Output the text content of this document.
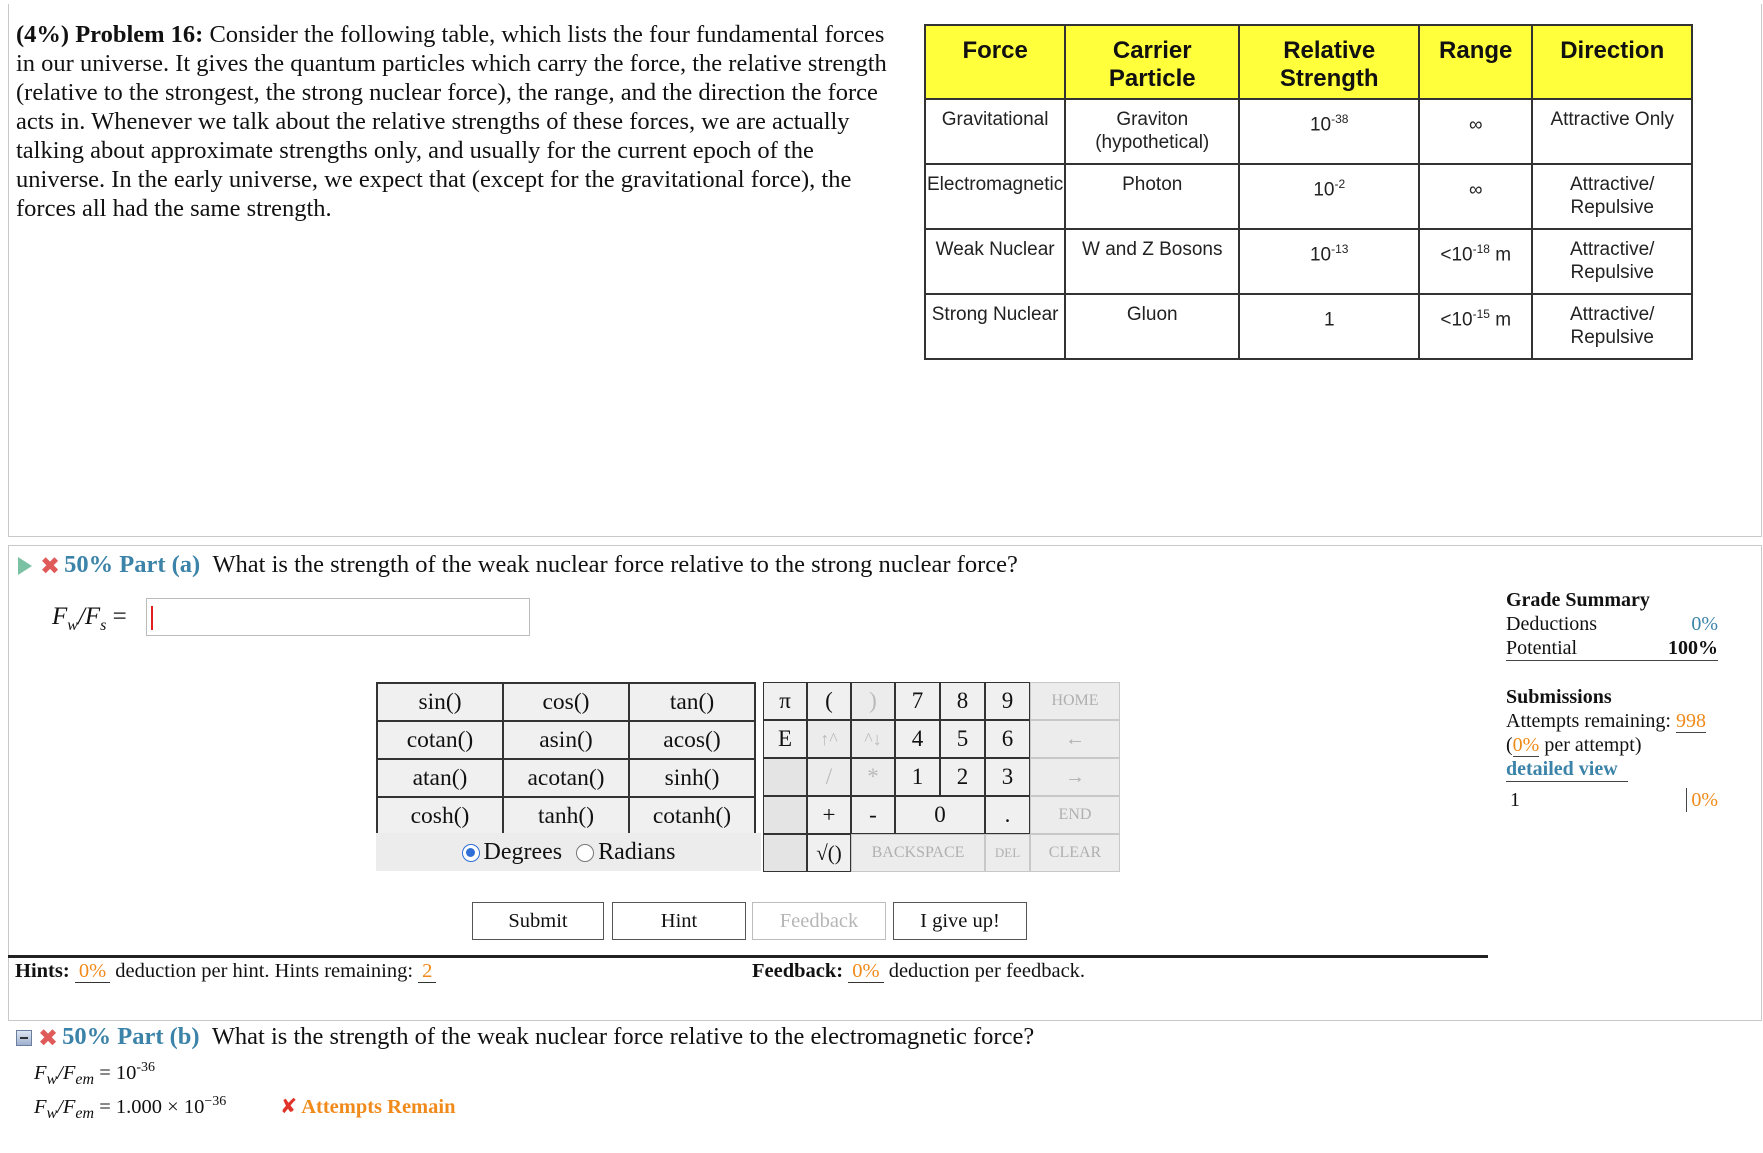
(4%) Problem 16: Consider the following table, which lists the four fundamental forces in our universe. It gives the quantum particles which carry the force, the relative strength (relative to the strongest, the strong nuclear force), the range, and the direction the force acts in. Whenever we talk about the relative strengths of these forces, we are actually talking about approximate strengths only, and usually for the current epoch of the universe. In the early universe, we expect that (except for the gravitational force), the forces all had the same strength.
Force	Carrier Particle	Relative Strength	Range	Direction
Gravitational	Graviton (hypothetical)	$10^{-38}$	∞	Attractive Only
Electromagnetic	Photon	$10^{-2}$	∞	Attractive/ Repulsive
Weak Nuclear	W and Z Bosons	$10^{-13}$	$<10^{-18}$ m	Attractive/ Repulsive
Strong Nuclear	Gluon	1	$<10^{-15}$ m	Attractive/ Repulsive
✖ 50% Part (a) What is the strength of the weak nuclear force relative to the strong nuclear force?
$F_w/F_s$ =
sin()	cos()	tan()
cotan()	asin()	acos()
atan()	acotan()	sinh()
cosh()	tanh()	cotanh()
Degrees	Radians
π	(	)	7	8	9	HOME
E	↑^	^↓	4	5	6	←
/	*	1	2	3	→
+	-	0	.	END
√()	BACKSPACE	DEL	CLEAR
Submit	Hint	Feedback	I give up!
Hints: 0% deduction per hint. Hints remaining: 2	Feedback: 0% deduction per feedback.
Grade Summary
Deductions	0%
Potential	100%
Submissions
Attempts remaining: 998
(0% per attempt)
detailed view
1	0%
✖ 50% Part (b) What is the strength of the weak nuclear force relative to the electromagnetic force?
$F_w/F_{em} = 10^{-36}$
$F_w/F_{em} = 1.000 \times 10^{-36}$	✘ Attempts Remain
